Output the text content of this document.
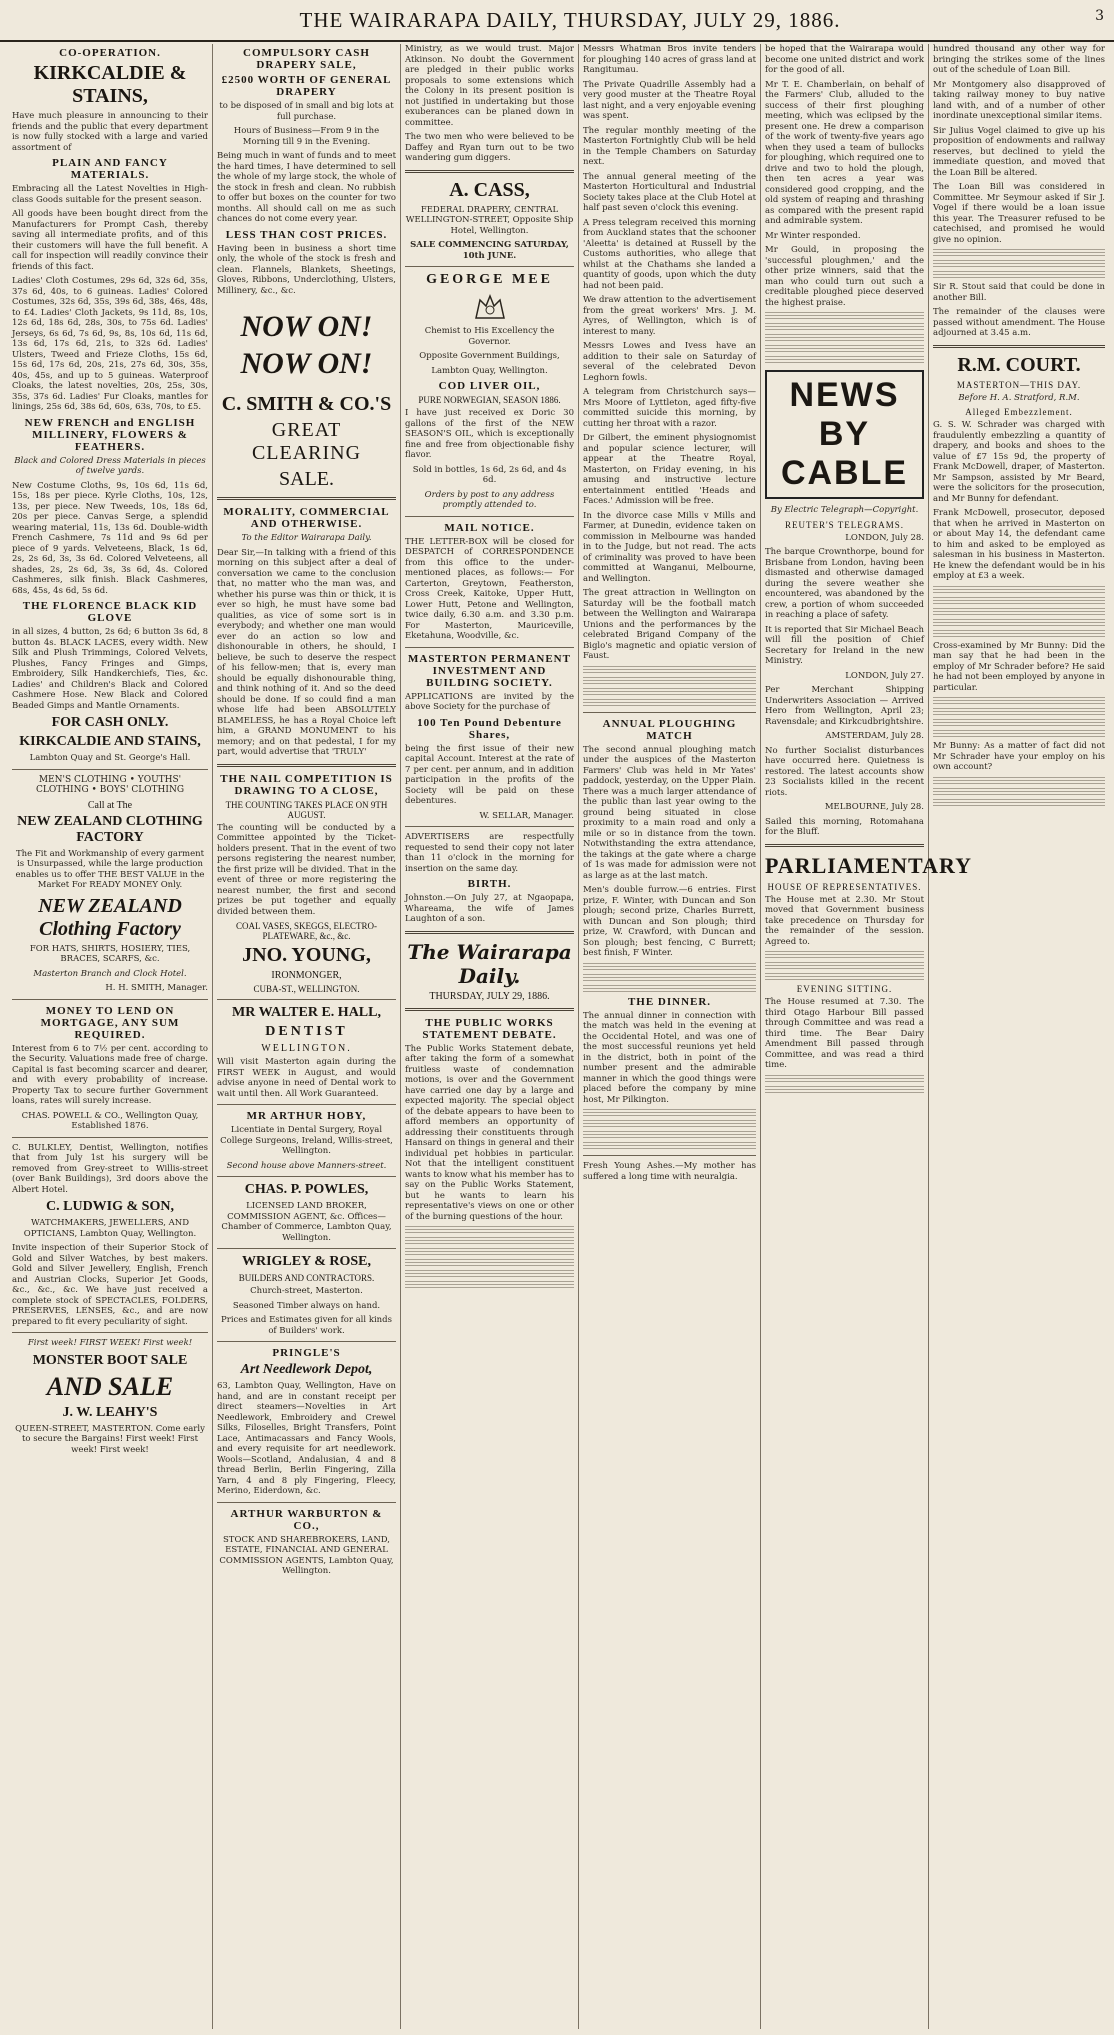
THE WAIRARAPA DAILY, THURSDAY, JULY 29, 1886.	3
CO-OPERATION.
KIRKCALDIE & STAINS,

Have much pleasure in announcing to their friends and the public that every department is now fully stocked with a large and varied assortment of

PLAIN AND FANCY MATERIALS.

Embracing all the Latest Novelties in High-class Goods suitable for the present season.

All goods have been bought direct from the Manufacturers for Prompt Cash, thereby saving all intermediate profits, and of this their customers will have the full benefit. A call for inspection will readily convince their friends of this fact.

Ladies' Cloth Costumes, 29s 6d, 32s 6d, 35s, 37s 6d, 40s, to 6 guineas. Ladies' Colored Costumes, 32s 6d, 35s, 39s 6d, 38s, 46s, 48s, to £4. Ladies' Cloth Jackets, 9s 11d, 8s, 10s, 12s 6d, 18s 6d, 28s, 30s, to 75s 6d. Ladies' Jerseys, 6s 6d, 7s 6d, 9s, 8s, 10s 6d, 11s 6d, 13s 6d, 17s 6d, 21s, to 32s 6d. Ladies' Ulsters, Tweed and Frieze Cloths, 15s 6d, 15s 6d, 17s 6d, 20s, 21s, 27s 6d, 30s, 35s, 40s, 45s, and up to 5 guineas. Waterproof Cloaks, the latest novelties, 20s, 25s, 30s, 35s, 37s 6d. Ladies' Fur Cloaks, mantles for linings, 25s 6d, 38s 6d, 60s, 63s, 70s, to £5.

NEW FRENCH and ENGLISH MILLINERY, FLOWERS & FEATHERS.

Black and Colored Dress Materials in pieces of twelve yards.

New Costume Cloths, 9s, 10s 6d, 11s 6d, 15s, 18s per piece. Kyrle Cloths, 10s, 12s, 13s, per piece. New Tweeds, 10s, 18s 6d, 20s per piece. Canvas Serge, a splendid wearing material, 11s, 13s 6d. Double-width French Cashmere, 7s 11d and 9s 6d per piece of 9 yards. Velveteens, Black, 1s 6d, 2s, 2s 6d, 3s, 3s 6d. Colored Velveteens, all shades, 2s, 2s 6d, 3s, 3s 6d, 4s. Colored Cashmeres, silk finish. Black Cashmeres, 68s, 45s, 4s 6d, 5s 6d.

THE FLORENCE BLACK KID GLOVE

in all sizes, 4 button, 2s 6d; 6 button 3s 6d, 8 button 4s. BLACK LACES, every width. New Silk and Plush Trimmings, Colored Velvets, Plushes, Fancy Fringes and Gimps, Embroidery, Silk Handkerchiefs, Ties, &c. Ladies' and Children's Black and Colored Cashmere Hose. New Black and Colored Beaded Gimps and Mantle Ornaments.

FOR CASH ONLY.
KIRKCALDIE AND STAINS,

Lambton Quay and St. George's Hall.

MEN'S CLOTHING • YOUTHS' CLOTHING • BOYS' CLOTHING

Call at The
NEW ZEALAND CLOTHING FACTORY

The Fit and Workmanship of every garment is Unsurpassed, while the large production enables us to offer THE BEST VALUE in the Market For READY MONEY Only.

NEW ZEALAND Clothing Factory

FOR HATS, SHIRTS, HOSIERY, TIES, BRACES, SCARFS, &c.

Masterton Branch and Clock Hotel.

H. H. SMITH, Manager.

MONEY TO LEND ON MORTGAGE, ANY SUM REQUIRED.

Interest from 6 to 7½ per cent. according to the Security. Valuations made free of charge. Capital is fast becoming scarcer and dearer, and with every probability of increase. Property Tax to secure further Government loans, rates will surely increase.

CHAS. POWELL & CO., Wellington Quay, Established 1876.

C. BULKLEY, Dentist, Wellington, notifies that from July 1st his surgery will be removed from Grey-street to Willis-street (over Bank Buildings), 3rd doors above the Albert Hotel.

C. LUDWIG & SON,

WATCHMAKERS, JEWELLERS, AND OPTICIANS, Lambton Quay, Wellington.

Invite inspection of their Superior Stock of Gold and Silver Watches, by best makers. Gold and Silver Jewellery, English, French and Austrian Clocks, Superior Jet Goods, &c., &c., &c. We have just received a complete stock of SPECTACLES, FOLDERS, PRESERVES, LENSES, &c., and are now prepared to fit every peculiarity of sight.

First week! FIRST WEEK! First week!

MONSTER BOOT SALE
AND SALE
J. W. LEAHY'S

QUEEN-STREET, MASTERTON. Come early to secure the Bargains! First week! First week! First week!

COMPULSORY CASH DRAPERY SALE,
£2500 WORTH OF GENERAL DRAPERY

to be disposed of in small and big lots at full purchase.

Hours of Business—From 9 in the Morning till 9 in the Evening.

Being much in want of funds and to meet the hard times, I have determined to sell the whole of my large stock, the whole of the stock in fresh and clean. No rubbish to offer but boxes on the counter for two months. All should call on me as such chances do not come every year.

LESS THAN COST PRICES.

Having been in business a short time only, the whole of the stock is fresh and clean. Flannels, Blankets, Sheetings, Gloves, Ribbons, Underclothing, Ulsters, Millinery, &c., &c.

NOW ON!
NOW ON!
C. SMITH & CO.'S
GREAT CLEARING
SALE.
MORALITY, COMMERCIAL AND OTHERWISE.

To the Editor Wairarapa Daily.

Dear Sir,—In talking with a friend of this morning on this subject after a deal of conversation we came to the conclusion that, no matter who the man was, and whether his purse was thin or thick, it is ever so high, he must have some bad qualities, as vice of some sort is in everybody; and whether one man would ever do an action so low and dishonourable in others, he should, I believe, be such to deserve the respect of his fellow-men; that is, every man should be equally dishonourable thing, and think nothing of it. And so the deed should be done. If so could find a man whose life had been ABSOLUTELY BLAMELESS, he has a Royal Choice left him, a GRAND MONUMENT to his memory; and on that pedestal, I for my part, would advertise that 'TRULY'

THE NAIL COMPETITION IS DRAWING TO A CLOSE,
THE COUNTING TAKES PLACE ON 9TH AUGUST.

The counting will be conducted by a Committee appointed by the Ticket-holders present. That in the event of two persons registering the nearest number, the first prize will be divided. That in the event of three or more registering the nearest number, the first and second prizes be put together and equally divided between them.

COAL VASES, SKEGGS, ELECTRO-PLATEWARE, &c., &c.
JNO. YOUNG,
IRONMONGER,
CUBA-ST., WELLINGTON.
MR WALTER E. HALL,
DENTIST
WELLINGTON.

Will visit Masterton again during the FIRST WEEK in August, and would advise anyone in need of Dental work to wait until then. All Work Guaranteed.

MR ARTHUR HOBY,

Licentiate in Dental Surgery, Royal College Surgeons, Ireland, Willis-street, Wellington.

Second house above Manners-street.

CHAS. P. POWLES,

LICENSED LAND BROKER, COMMISSION AGENT, &c. Offices—Chamber of Commerce, Lambton Quay, Wellington.

WRIGLEY & ROSE,
BUILDERS AND CONTRACTORS.

Church-street, Masterton.

Seasoned Timber always on hand.

Prices and Estimates given for all kinds of Builders' work.

PRINGLE'S
Art Needlework Depot,

63, Lambton Quay, Wellington, Have on hand, and are in constant receipt per direct steamers—Novelties in Art Needlework, Embroidery and Crewel Silks, Filoselles, Bright Transfers, Point Lace, Antimacassars and Fancy Wools, and every requisite for art needlework. Wools—Scotland, Andalusian, 4 and 8 thread Berlin, Berlin Fingering, Zilla Yarn, 4 and 8 ply Fingering, Fleecy, Merino, Eiderdown, &c.

ARTHUR WARBURTON & CO.,

STOCK AND SHAREBROKERS, LAND, ESTATE, FINANCIAL AND GENERAL COMMISSION AGENTS, Lambton Quay, Wellington.

Ministry, as we would trust. Major Atkinson. No doubt the Government are pledged in their public works proposals to some extensions which the Colony in its present position is not justified in undertaking but those exuberances can be planed down in committee.

The two men who were believed to be Daffey and Ryan turn out to be two wandering gum diggers.

A. CASS,

FEDERAL DRAPERY, CENTRAL WELLINGTON-STREET, Opposite Ship Hotel, Wellington.

SALE COMMENCING SATURDAY, 10th JUNE.

GEORGE MEE

Chemist to His Excellency the Governor.

Opposite Government Buildings,

Lambton Quay, Wellington.

COD LIVER OIL,
PURE NORWEGIAN, SEASON 1886.

I have just received ex Doric 30 gallons of the first of the NEW SEASON'S OIL, which is exceptionally fine and free from objectionable fishy flavor.

Sold in bottles, 1s 6d, 2s 6d, and 4s 6d.

Orders by post to any address promptly attended to.

MAIL NOTICE.

THE LETTER-BOX will be closed for DESPATCH of CORRESPONDENCE from this office to the under-mentioned places, as follows:— For Carterton, Greytown, Featherston, Cross Creek, Kaitoke, Upper Hutt, Lower Hutt, Petone and Wellington, twice daily, 6.30 a.m. and 3.30 p.m. For Masterton, Mauriceville, Eketahuna, Woodville, &c.

MASTERTON PERMANENT INVESTMENT AND BUILDING SOCIETY.

APPLICATIONS are invited by the above Society for the purchase of

100 Ten Pound Debenture Shares,

being the first issue of their new capital Account. Interest at the rate of 7 per cent. per annum, and in addition participation in the profits of the Society will be paid on these debentures.

W. SELLAR, Manager.

ADVERTISERS are respectfully requested to send their copy not later than 11 o'clock in the morning for insertion on the same day.

BIRTH.

Johnston.—On July 27, at Ngaopapa, Whareama, the wife of James Laughton of a son.

The Wairarapa Daily.
THURSDAY, JULY 29, 1886.
THE PUBLIC WORKS STATEMENT DEBATE.

The Public Works Statement debate, after taking the form of a somewhat fruitless waste of condemnation motions, is over and the Government have carried one day by a large and expected majority. The special object of the debate appears to have been to afford members an opportunity of addressing their constituents through Hansard on things in general and their individual pet hobbies in particular. Not that the intelligent constituent wants to know what his member has to say on the Public Works Statement, but he wants to learn his representative's views on one or other of the burning questions of the hour.

Messrs Whatman Bros invite tenders for ploughing 140 acres of grass land at Rangitumau.

The Private Quadrille Assembly had a very good muster at the Theatre Royal last night, and a very enjoyable evening was spent.

The regular monthly meeting of the Masterton Fortnightly Club will be held in the Temple Chambers on Saturday next.

The annual general meeting of the Masterton Horticultural and Industrial Society takes place at the Club Hotel at half past seven o'clock this evening.

A Press telegram received this morning from Auckland states that the schooner 'Aleetta' is detained at Russell by the Customs authorities, who allege that whilst at the Chathams she landed a quantity of goods, upon which the duty had not been paid.

We draw attention to the advertisement from the great workers' Mrs. J. M. Ayres, of Wellington, which is of interest to many.

Messrs Lowes and Ivess have an addition to their sale on Saturday of several of the celebrated Devon Leghorn fowls.

A telegram from Christchurch says—Mrs Moore of Lyttleton, aged fifty-five committed suicide this morning, by cutting her throat with a razor.

Dr Gilbert, the eminent physiognomist and popular science lecturer, will appear at the Theatre Royal, Masterton, on Friday evening, in his amusing and instructive lecture entertainment entitled 'Heads and Faces.' Admission will be free.

In the divorce case Mills v Mills and Farmer, at Dunedin, evidence taken on commission in Melbourne was handed in to the Judge, but not read. The acts of criminality was proved to have been committed at Wanganui, Melbourne, and Wellington.

The great attraction in Wellington on Saturday will be the football match between the Wellington and Wairarapa Unions and the performances by the celebrated Brigand Company of the Biglo's magnetic and opiatic version of Faust.

ANNUAL PLOUGHING MATCH

The second annual ploughing match under the auspices of the Masterton Farmers' Club was held in Mr Yates' paddock, yesterday, on the Upper Plain. There was a much larger attendance of the public than last year owing to the ground being situated in close proximity to a main road and only a mile or so in distance from the town. Notwithstanding the extra attendance, the takings at the gate where a charge of 1s was made for admission were not as large as at the last match.

Men's double furrow.—6 entries. First prize, F. Winter, with Duncan and Son plough; second prize, Charles Burrett, with Duncan and Son plough; third prize, W. Crawford, with Duncan and Son plough; best fencing, C Burrett; best finish, F Winter.

THE DINNER.

The annual dinner in connection with the match was held in the evening at the Occidental Hotel, and was one of the most successful reunions yet held in the district, both in point of the number present and the admirable manner in which the good things were placed before the company by mine host, Mr Pilkington.

Fresh Young Ashes.—My mother has suffered a long time with neuralgia.

be hoped that the Wairarapa would become one united district and work for the good of all.

Mr T. E. Chamberlain, on behalf of the Farmers' Club, alluded to the success of their first ploughing meeting, which was eclipsed by the present one. He drew a comparison of the work of twenty-five years ago when they used a team of bullocks for ploughing, which required one to drive and two to hold the plough, then ten acres a year was considered good cropping, and the old system of reaping and thrashing as compared with the present rapid and admirable system.

Mr Winter responded.

Mr Gould, in proposing the 'successful ploughmen,' and the other prize winners, said that the man who could turn out such a creditable ploughed piece deserved the highest praise.

NEWS BY CABLE

By Electric Telegraph—Copyright.

REUTER'S TELEGRAMS.

LONDON, July 28.

The barque Crownthorpe, bound for Brisbane from London, having been dismasted and otherwise damaged during the severe weather she encountered, was abandoned by the crew, a portion of whom succeeded in reaching a place of safety.

It is reported that Sir Michael Beach will fill the position of Chief Secretary for Ireland in the new Ministry.

LONDON, July 27.

Per Merchant Shipping Underwriters Association — Arrived Hero from Wellington, April 23; Ravensdale; and Kirkcudbrightshire.

AMSTERDAM, July 28.

No further Socialist disturbances have occurred here. Quietness is restored. The latest accounts show 23 Socialists killed in the recent riots.

MELBOURNE, July 28.

Sailed this morning, Rotomahana for the Bluff.

PARLIAMENTARY
HOUSE OF REPRESENTATIVES.

The House met at 2.30. Mr Stout moved that Government business take precedence on Thursday for the remainder of the session. Agreed to.

EVENING SITTING.

The House resumed at 7.30. The third Otago Harbour Bill passed through Committee and was read a third time. The Bear Dairy Amendment Bill passed through Committee, and was read a third time.

hundred thousand any other way for bringing the strikes some of the lines out of the schedule of Loan Bill.

Mr Montgomery also disapproved of taking railway money to buy native land with, and of a number of other inordinate unexceptional similar items.

Sir Julius Vogel claimed to give up his proposition of endowments and railway reserves, but declined to yield the immediate question, and moved that the Loan Bill be altered.

The Loan Bill was considered in Committee. Mr Seymour asked if Sir J. Vogel if there would be a loan issue this year. The Treasurer refused to be catechised, and promised he would give no opinion.

Sir R. Stout said that could be done in another Bill.

The remainder of the clauses were passed without amendment. The House adjourned at 3.45 a.m.

R.M. COURT.
MASTERTON—THIS DAY.

Before H. A. Stratford, R.M.

Alleged Embezzlement.

G. S. W. Schrader was charged with fraudulently embezzling a quantity of drapery, and books and shoes to the value of £7 15s 9d, the property of Frank McDowell, draper, of Masterton. Mr Sampson, assisted by Mr Beard, were the solicitors for the prosecution, and Mr Bunny for defendant.

Frank McDowell, prosecutor, deposed that when he arrived in Masterton on or about May 14, the defendant came to him and asked to be employed as salesman in his business in Masterton. He knew the defendant would be in his employ at £3 a week.

Cross-examined by Mr Bunny: Did the man say that he had been in the employ of Mr Schrader before? He said he had not been employed by anyone in particular.

Mr Bunny: As a matter of fact did not Mr Schrader have your employ on his own account?
